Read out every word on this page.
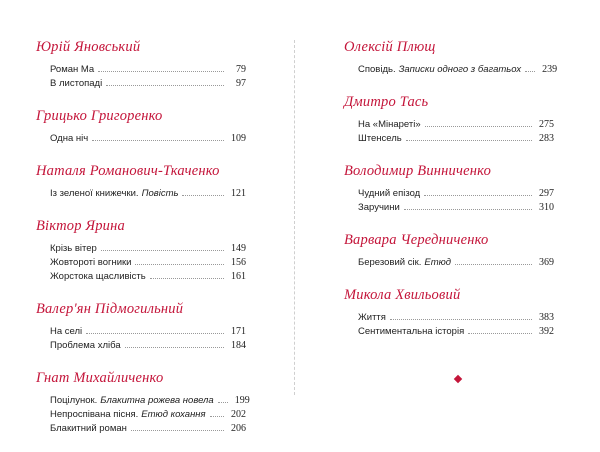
Юрій Яновський
Роман Ма	79
В листопаді	97
Грицько Григоренко
Одна ніч	109
Наталя Романович-Ткаченко
Із зеленої книжечки. Повість	121
Віктор Ярина
Крізь вітер	149
Жовтороті вогники	156
Жорстока щасливість	161
Валер'ян Підмогильний
На селі	171
Проблема хліба	184
Гнат Михайличенко
Поцілунок. Блакитна рожева новела	199
Непроспівана пісня. Етюд кохання	202
Блакитний роман	206
Олексій Плющ
Сповідь. Записки одного з багатьох	239
Дмитро Тась
На «Мінареті»	275
Штенсель	283
Володимир Винниченко
Чудний епізод	297
Заручини	310
Варвара Чередниченко
Березовий сік. Етюд	369
Микола Хвильовий
Життя	383
Сентиментальна історія	392
